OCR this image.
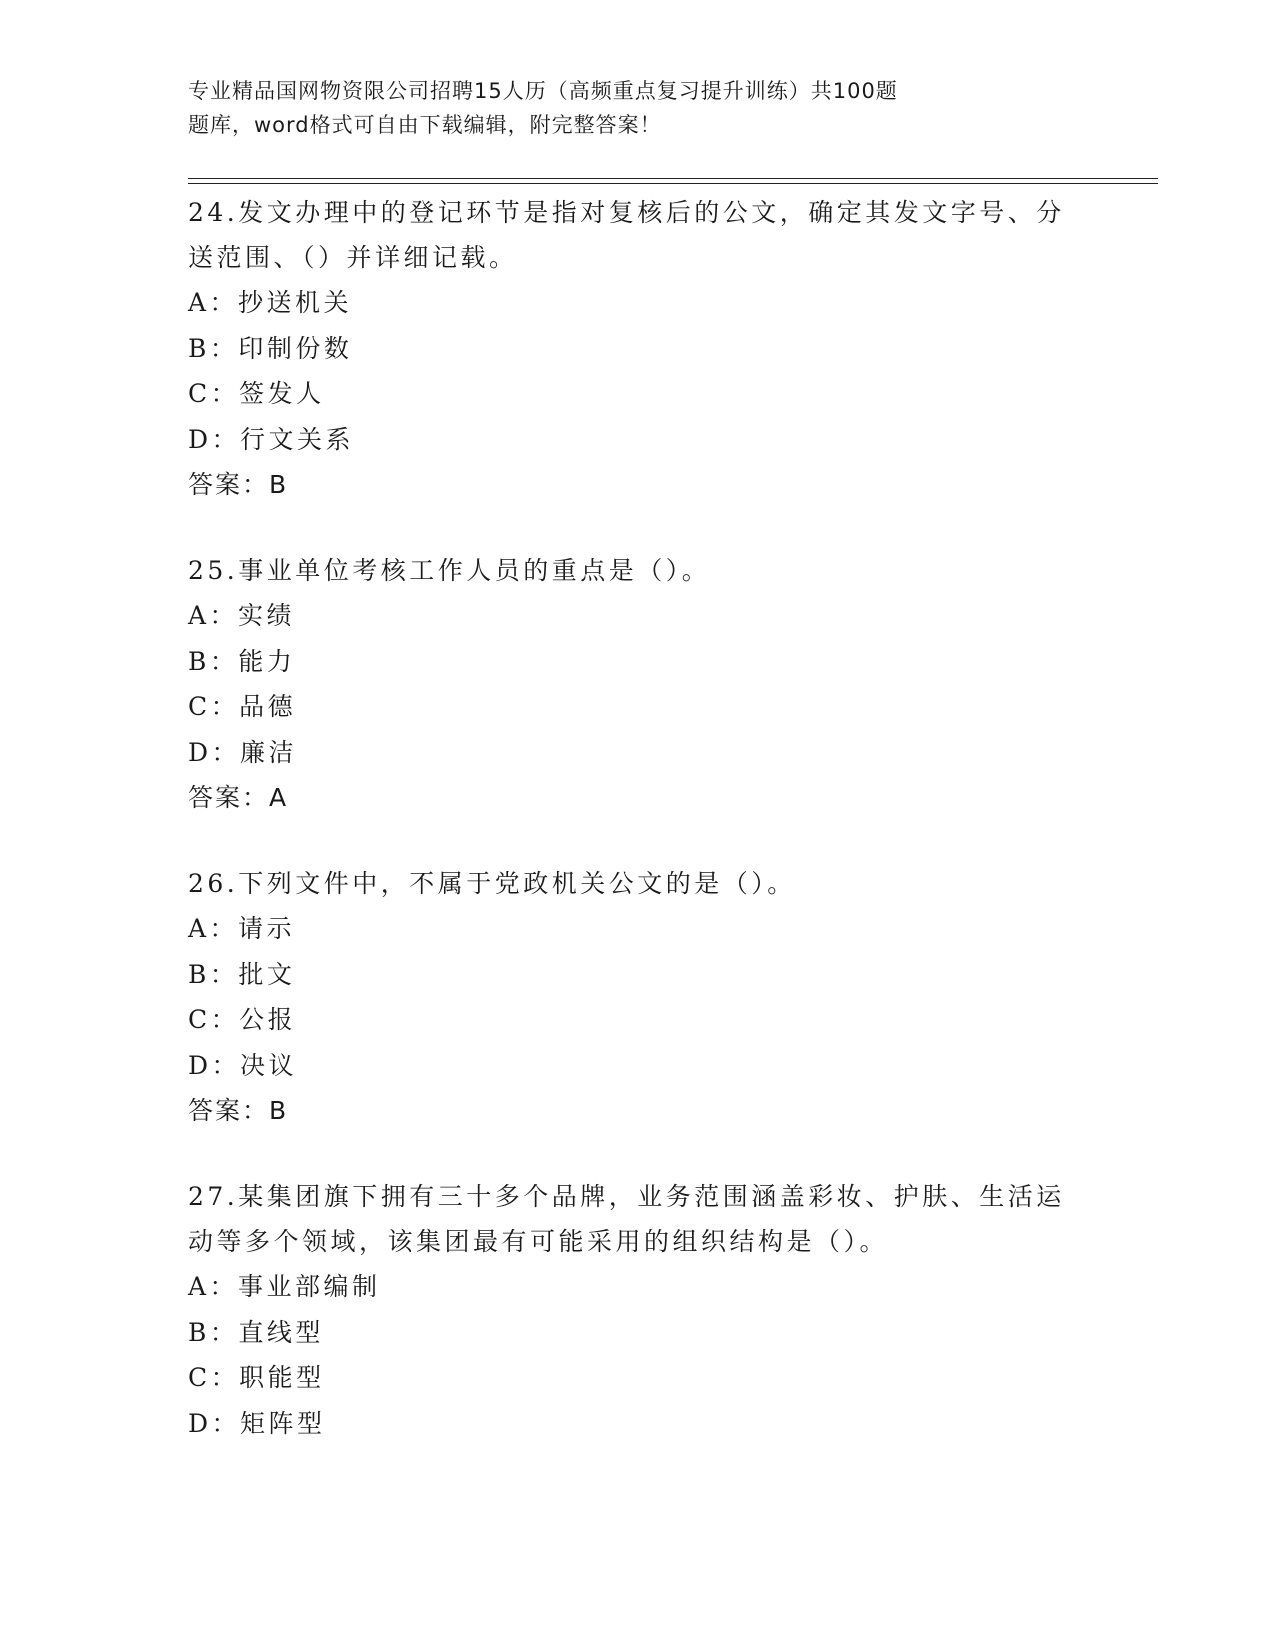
专业精品国网物资限公司招聘15人历（高频重点复习提升训练）共100题
题库，word格式可自由下载编辑，附完整答案！

24.发文办理中的登记环节是指对复核后的公文，确定其发文字号、分

送范围、（）并详细记载。

A：抄送机关

B：印制份数

C：签发人

D：行文关系

答案：B

25.事业单位考核工作人员的重点是（）。

A：实绩

B：能力

C：品德

D：廉洁

答案：A

26.下列文件中，不属于党政机关公文的是（）。

A：请示

B：批文

C：公报

D：决议

答案：B

27.某集团旗下拥有三十多个品牌，业务范围涵盖彩妆、护肤、生活运

动等多个领域，该集团最有可能采用的组织结构是（）。

A：事业部编制

B：直线型

C：职能型

D：矩阵型
